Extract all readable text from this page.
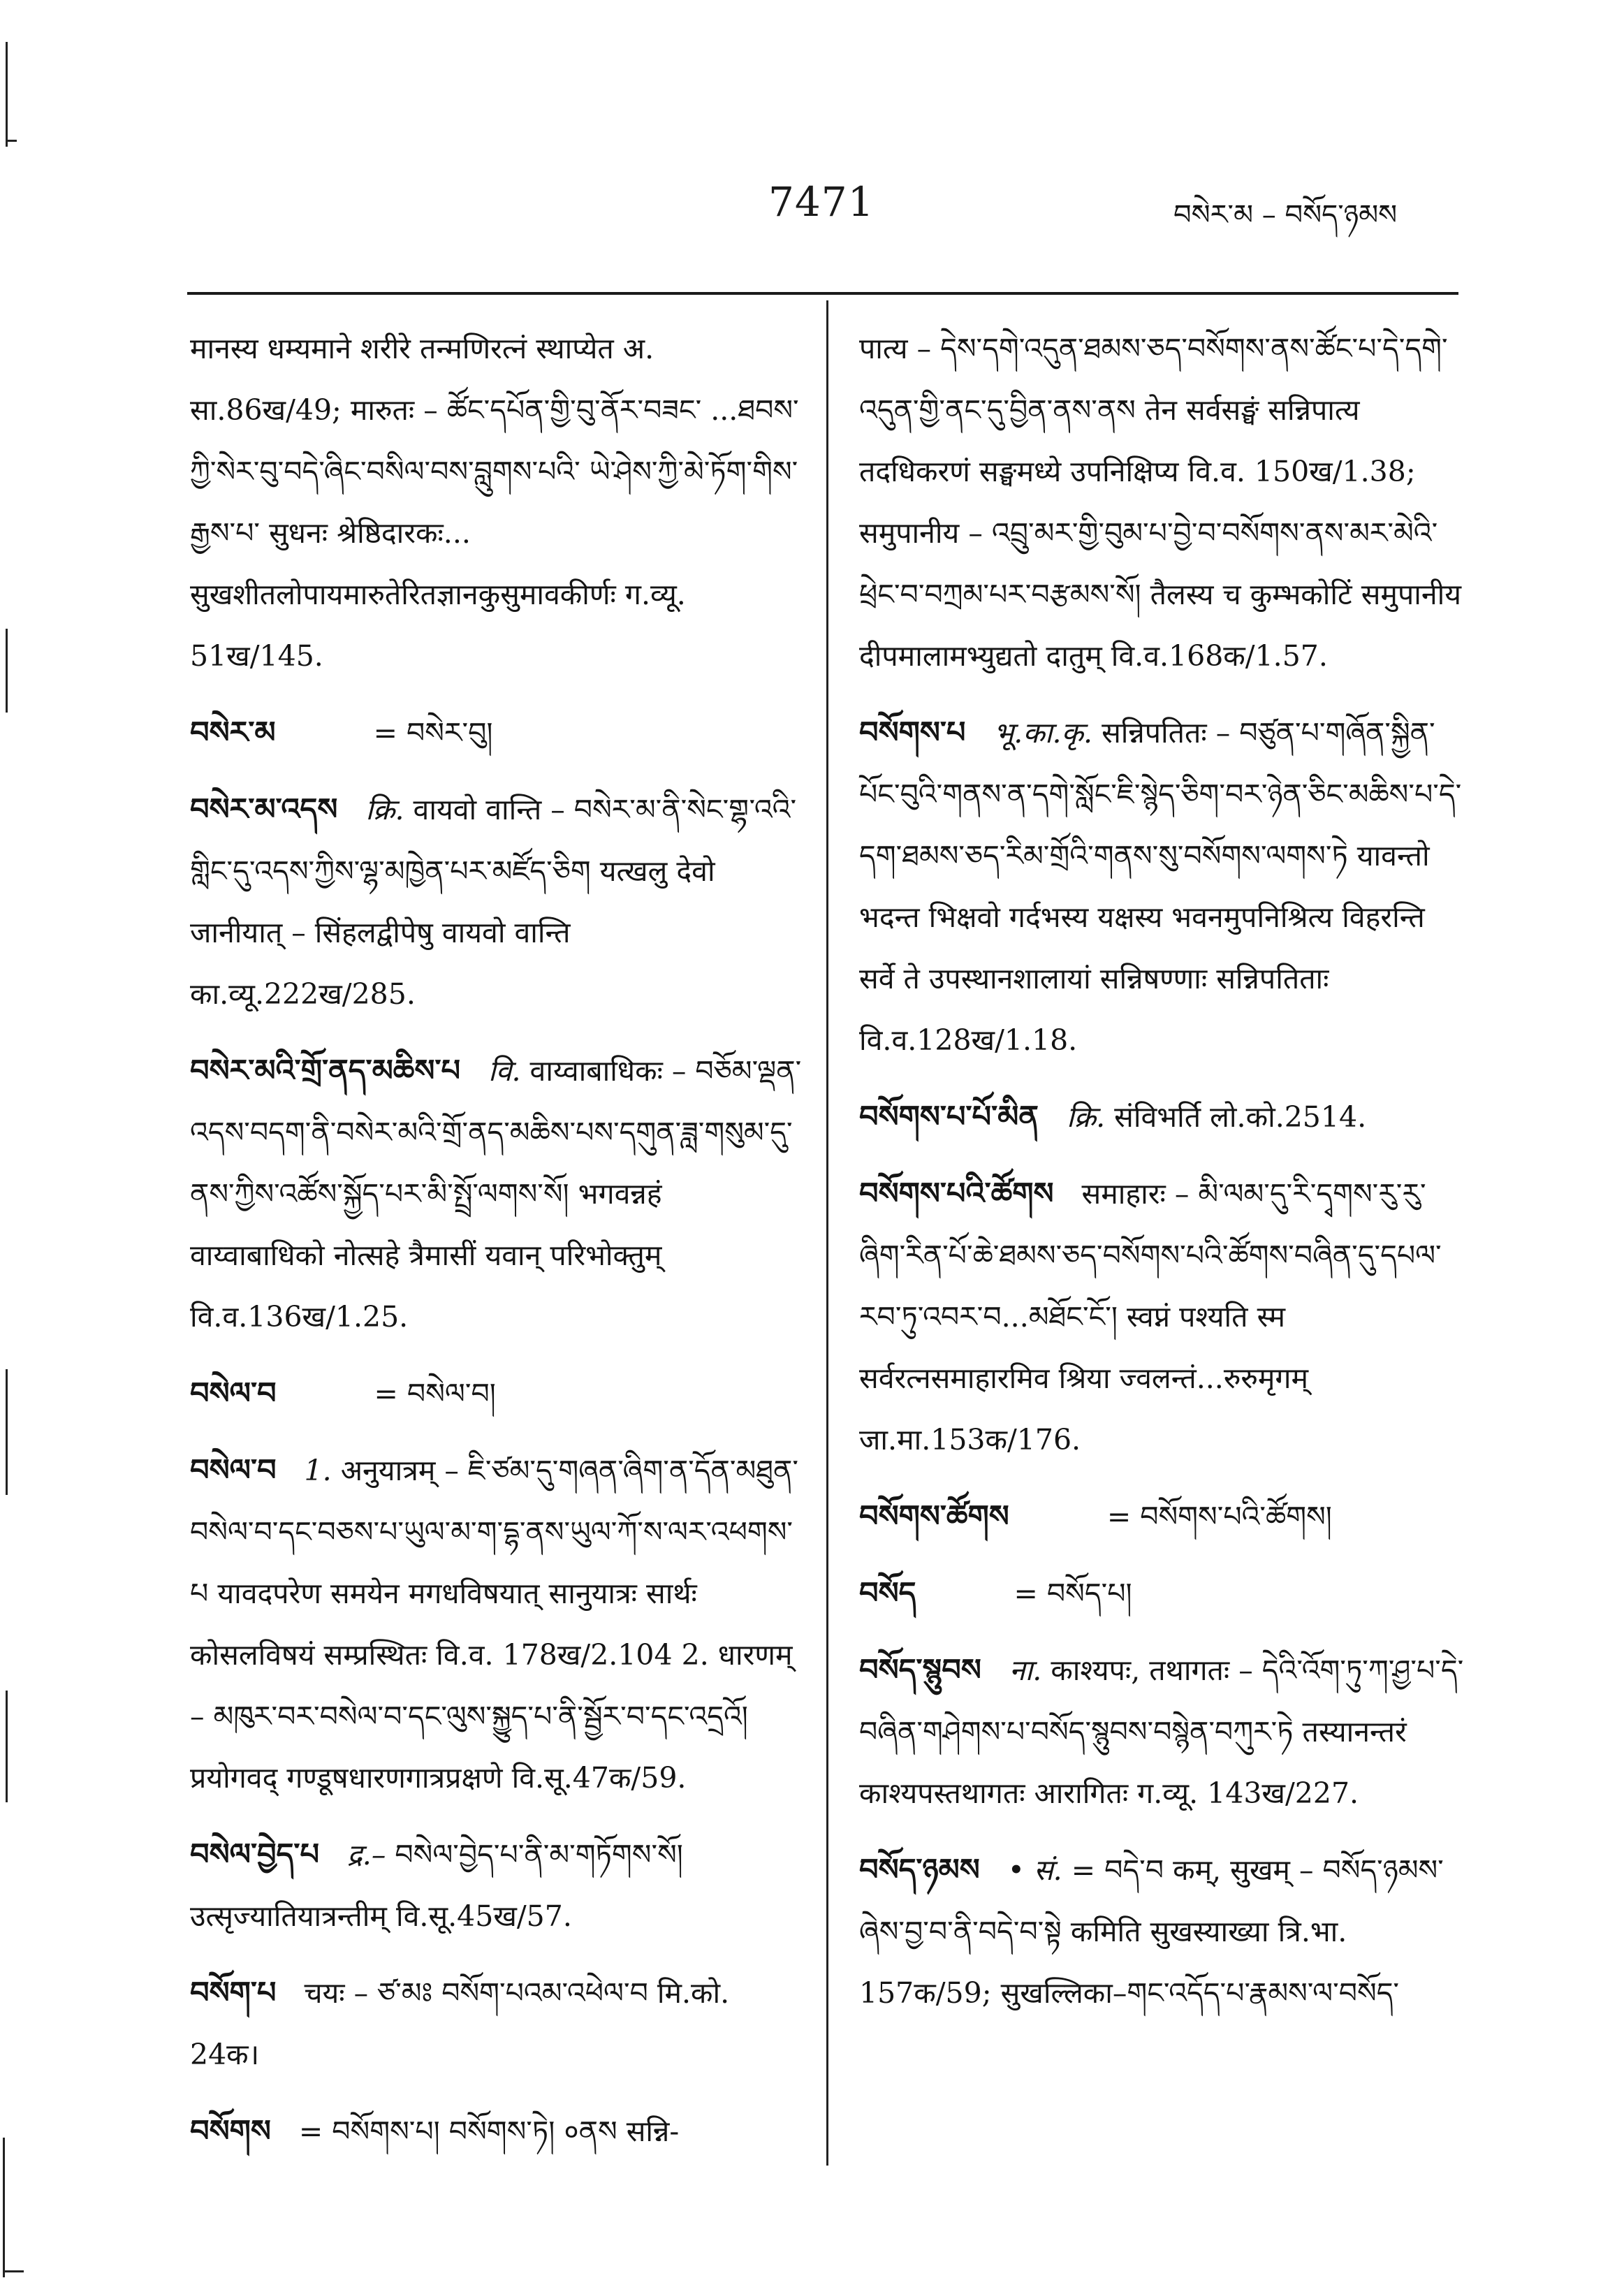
7471	བསེར་མ – བསོད་ཉམས

मानस्य धम्यमाने शरीरे तन्मणिरत्नं स्थाप्येत अ. सा.86ख/49; मारुतः – ཚོང་དཔོན་གྱི་བུ་ནོར་བཟང་ ...ཐབས་ཀྱི་སེར་བུ་བདེ་ཞིང་བསིལ་བས་བླུགས་པའི་ ཡེ་ཤེས་ཀྱི་མེ་ཏོག་གིས་རྒྱས་པ་ सुधनः श्रेष्ठिदारकः... सुखशीतलोपायमारुतेरितज्ञानकुसुमावकीर्णः ग.व्यू. 51ख/145.

བསེར་མ	= བསེར་བུ།

བསེར་མ་འདས क्रि. वायवो वान्ति – བསེར་མ་ནི་སེང་གྷ་འའི་གླིང་དུ་འདས་ཀྱིས་ལྷ་མཁྱེན་པར་མཛོད་ཅིག यत्खलु देवो जानीयात् – सिंहलद्वीपेषु वायवो वान्ति का.व्यू.222ख/285.

བསེར་མའི་གྲོ་ནད་མཆིས་པ वि. वाय्वाबाधिकः – བཅོམ་ལྡན་འདས་བདག་ནི་བསེར་མའི་གྲོ་ནད་མཆིས་པས་དགུན་ཟླ་གསུམ་དུ་ནས་ཀྱིས་འཚོས་སྐྱོད་པར་མི་སྤྲོ་ལགས་སོ། भगवन्नहं वाय्वाबाधिको नोत्सहे त्रैमासीं यवान् परिभोक्तुम् वि.व.136ख/1.25.

བསེལ་བ	= བསེལ་བ།

བསེལ་བ 1. अनुयात्रम् – ཇི་ཙམ་དུ་གཞན་ཞིག་ན་དོན་མཐུན་བསེལ་བ་དང་བཅས་པ་ཡུལ་མ་ག་དྷ་ནས་ཡུལ་ཀོ་ས་ལར་འཕགས་པ यावदपरेण समयेन मगधविषयात् सानुयात्रः सार्थः कोसलविषयं सम्प्रस्थितः वि.व. 178ख/2.104 2. धारणम् – མཁུར་བར་བསེལ་བ་དང་ལུས་སྐྱུད་པ་ནི་སྦྱོར་བ་དང་འདྲའོ། प्रयोगवद् गण्डूषधारणगात्रप्रक्षणे वि.सू.47क/59.

བསེལ་བྱེད་པ द्र.– བསེལ་བྱེད་པ་ནི་མ་གཏོགས་སོ། उत्सृज्यातियात्रन्तीम् वि.सू.45ख/57.

བསོག་པ चयः – ཙ་མཿ བསོག་པའམ་འཕེལ་བ मि.को. 24क।

བསོགས = བསོགས་པ། བསོགས་ཏེ། ०ནས सन्नि-

पात्य – དེས་དགེ་འདུན་ཐམས་ཅད་བསོགས་ནས་ཚོང་པ་དེ་དགེ་འདུན་གྱི་ནང་དུ་བྱིན་ནས་ནས तेन सर्वसङ्घं सन्निपात्य तदधिकरणं सङ्घमध्ये उपनिक्षिप्य वि.व. 150ख/1.38; समुपानीय – འབྲུ་མར་གྱི་བུམ་པ་བྱེ་བ་བསོགས་ནས་མར་མེའི་ཕྲེང་བ་བཀྲམ་པར་བརྩམས་སོ། तैलस्य च कुम्भकोटिं समुपानीय दीपमालामभ्युद्यतो दातुम् वि.व.168क/1.57.

བསོགས་པ भू.का.कृ. सन्निपतितः – བཙུན་པ་གཞོན་སྐྱིན་པོང་བུའི་གནས་ན་དགེ་སློང་ཇི་སྙེད་ཅིག་བར་ཉེན་ཅིང་མཆིས་པ་དེ་དག་ཐམས་ཅད་རིམ་གྲོའི་གནས་སུ་བསོགས་ལགས་ཏེ यावन्तो भदन्त भिक्षवो गर्दभस्य यक्षस्य भवनमुपनिश्रित्य विहरन्ति सर्वे ते उपस्थानशालायां सन्निषण्णाः सन्निपतिताः वि.व.128ख/1.18.

བསོགས་པ་པོ་མིན क्रि. संविभर्ति लो.को.2514.

བསོགས་པའི་ཚོགས समाहारः – མི་ལམ་དུ་རི་དྭགས་རུ་རུ་ཞིག་རིན་པོ་ཆེ་ཐམས་ཅད་བསོགས་པའི་ཚོགས་བཞིན་དུ་དཔལ་རབ་ཏུ་འབར་བ...མཐོང་ངོ་། स्वप्नं पश्यति स्म सर्वरत्नसमाहारमिव श्रिया ज्वलन्तं...रुरुमृगम् जा.मा.153क/176.

བསོགས་ཚོགས	= བསོགས་པའི་ཚོགས།

བསོད	= བསོད་པ།

བསོད་སྙུབས ना. काश्यपः, तथागतः – དེའི་འོག་ཏུ་ཀ་ཤྱ་པ་དེ་བཞིན་གཤེགས་པ་བསོད་སྙུབས་བསྙེན་བཀུར་ཏེ तस्यानन्तरं काश्यपस्तथागतः आरागितः ग.व्यू. 143ख/227.

བསོད་ཉམས • सं. = བདེ་བ कम्, सुखम् – བསོད་ཉམས་ཞེས་བྱ་བ་ནི་བདེ་བ་སྟེ कमिति सुखस्याख्या त्रि.भा. 157क/59; सुखल्लिका–གང་འདོད་པ་རྣམས་ལ་བསོད་
